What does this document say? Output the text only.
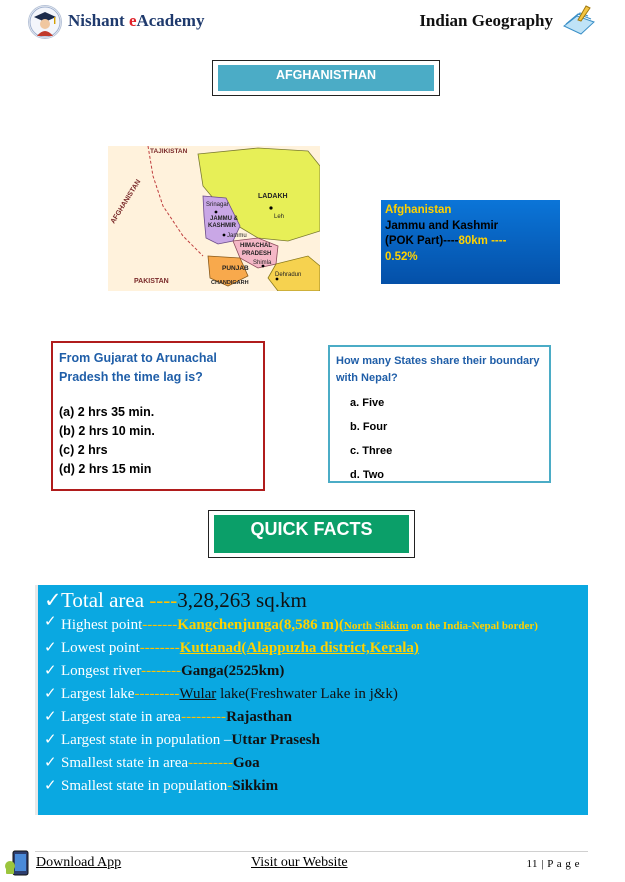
Nishant eAcademy	Indian Geography
AFGHANISTHAN
TAJIKISTAN
AFGHANISTAN
PAKISTAN
LADAKH
Leh
Srinagar
JAMMU &
KASHMIR
Jammu
HIMACHAL
PRADESH
Shimla
PUNJAB
Dehradun
CHANDIGARH
Afghanistan
Jammu and Kashmir
(POK Part)----80km ----
0.52%
From Gujarat to Arunachal Pradesh the time lag is?
(a) 2 hrs 35 min.
(b) 2 hrs 10 min.
(c) 2 hrs
(d) 2 hrs 15 min
How many States share their boundary with Nepal?
a. Five
b. Four
c. Three
d. Two
QUICK FACTS
✓ Total area ----3,28,263 sq.km
✓ Highest point-------Kangchenjunga(8,586 m)(North Sikkim on the India-Nepal border)
✓ Lowest point--------Kuttanad(Alappuzha district,Kerala)
✓ Longest river--------Ganga(2525km)
✓ Largest lake---------Wular lake(Freshwater Lake in j&k)
✓ Largest state in area---------Rajasthan
✓ Largest state in population –Uttar Prasesh
✓ Smallest state in area---------Goa
✓ Smallest state in population-Sikkim
Download App	Visit our Website	11 | P a g e
